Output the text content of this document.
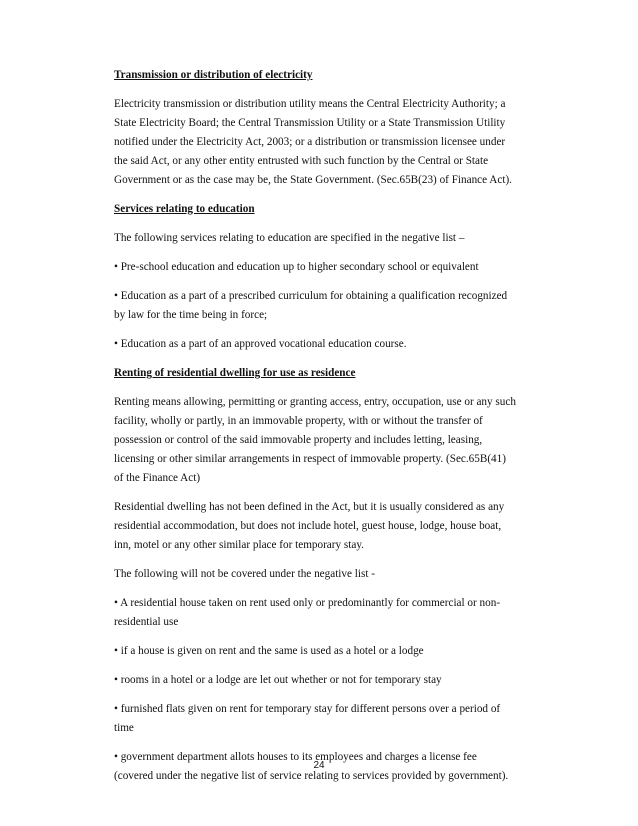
Transmission or distribution of electricity
Electricity transmission or distribution utility means the Central Electricity Authority; a
State Electricity Board; the Central Transmission Utility or a State Transmission Utility
notified under the Electricity Act, 2003; or a distribution or transmission licensee under
the said Act, or any other entity entrusted with such function by the Central or State
Government or as the case may be, the State Government. (Sec.65B(23) of Finance Act).
Services relating to education
The following services relating to education are specified in the negative list –
• Pre-school education and education up to higher secondary school or equivalent
• Education as a part of a prescribed curriculum for obtaining a qualification recognized
by law for the time being in force;
• Education as a part of an approved vocational education course.
Renting of residential dwelling for use as residence
Renting means allowing, permitting or granting access, entry, occupation, use or any such
facility, wholly or partly, in an immovable property, with or without the transfer of
possession or control of the said immovable property and includes letting, leasing,
licensing or other similar arrangements in respect of immovable property. (Sec.65B(41)
of the Finance Act)
Residential dwelling has not been defined in the Act, but it is usually considered as any
residential accommodation, but does not include hotel, guest house, lodge, house boat,
inn, motel or any other similar place for temporary stay.
The following will not be covered under the negative list -
• A residential house taken on rent used only or predominantly for commercial or non-
residential use
• if a house is given on rent and the same is used as a hotel or a lodge
• rooms in a hotel or a lodge are let out whether or not for temporary stay
• furnished flats given on rent for temporary stay for different persons over a period of
time
• government department allots houses to its employees and charges a license fee
(covered under the negative list of service relating to services provided by government).
24
